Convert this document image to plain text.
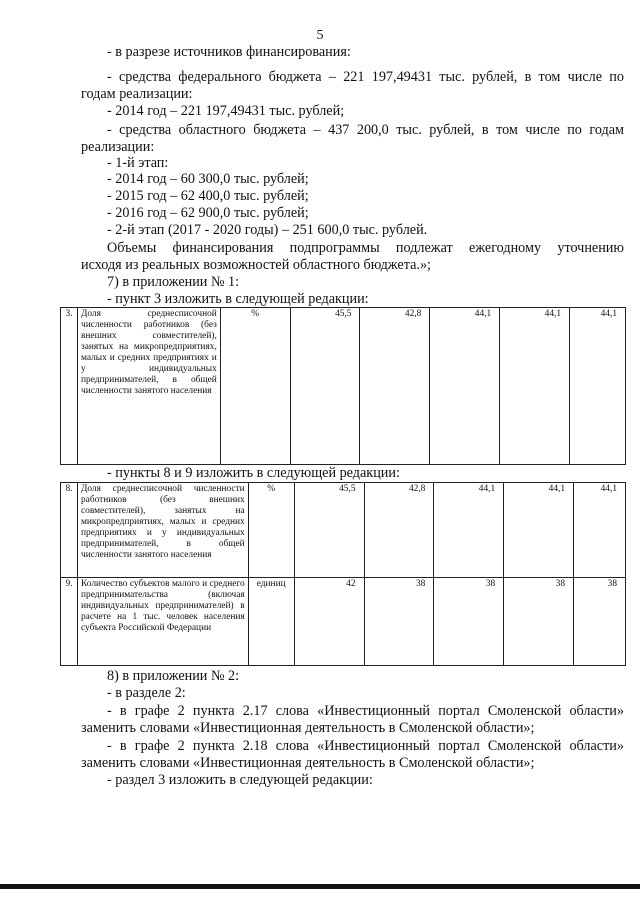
5
- в разрезе источников финансирования:
- средства федерального бюджета – 221 197,49431 тыс. рублей, в том числе по
годам реализации:
- 2014 год – 221 197,49431 тыс. рублей;
- средства областного бюджета – 437 200,0 тыс. рублей, в том числе по годам
реализации:
- 1-й этап:
- 2014 год – 60 300,0 тыс. рублей;
- 2015 год – 62 400,0 тыс. рублей;
- 2016 год – 62 900,0 тыс. рублей;
- 2-й этап (2017 - 2020 годы) – 251 600,0 тыс. рублей.
Объемы финансирования подпрограммы подлежат ежегодному уточнению
исходя из реальных возможностей областного бюджета.»;
7) в приложении № 1:
- пункт 3 изложить в следующей редакции:
3.	Доля среднесписочной численности работников (без внешних совместителей), занятых на микропредприятиях, малых и средних предприятиях и у индивидуальных предпринимателей, в общей численности занятого населения	%	45,5	42,8	44,1	44,1	44,1
- пункты 8 и 9 изложить в следующей редакции:
8.	Доля среднесписочной численности работников (без внешних совместителей), занятых на микропредприятиях, малых и средних предприятиях и у индивидуальных предпринимателей, в общей численности занятого населения	%	45,5	42,8	44,1	44,1	44,1
9.	Количество субъектов малого и среднего предпринимательства (включая индивидуальных предпринимателей) в расчете на 1 тыс. человек населения субъекта Российской Федерации	единиц	42	38	38	38	38
8) в приложении № 2:
- в разделе 2:
- в графе 2 пункта 2.17 слова «Инвестиционный портал Смоленской области»
заменить словами «Инвестиционная деятельность в Смоленской области»;
- в графе 2 пункта 2.18 слова «Инвестиционный портал Смоленской области»
заменить словами «Инвестиционная деятельность в Смоленской области»;
- раздел 3 изложить в следующей редакции:
